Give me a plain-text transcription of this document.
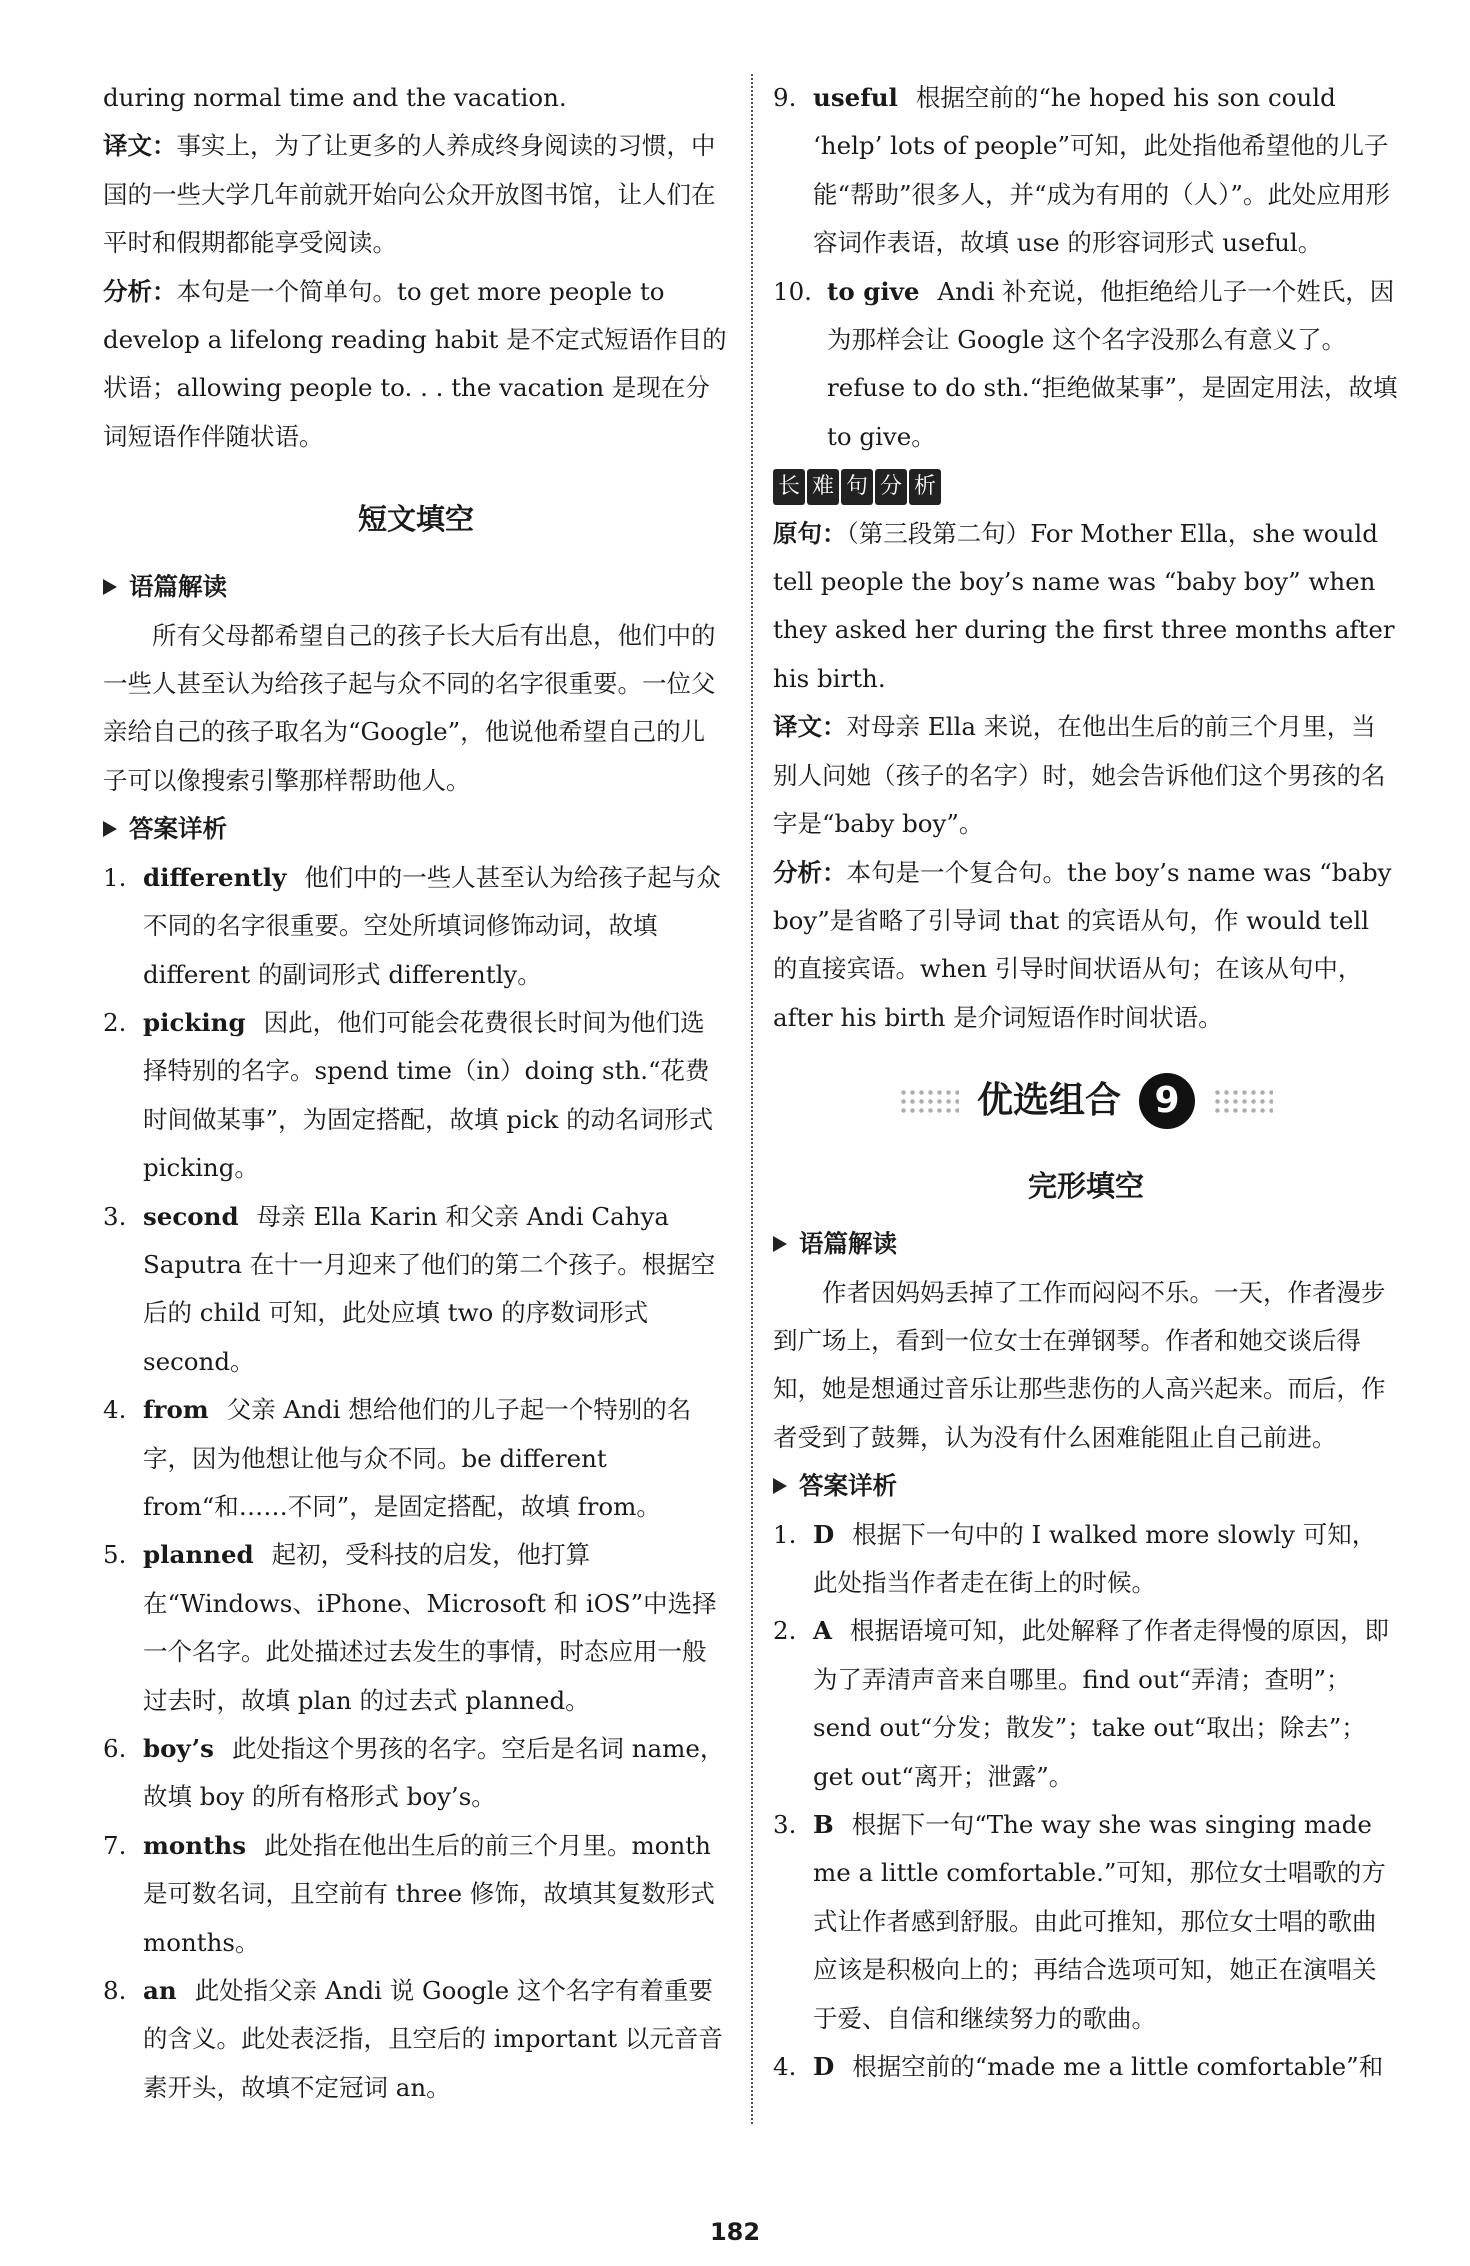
during normal time and the vacation.

译文：事实上，为了让更多的人养成终身阅读的习惯，中国的一些大学几年前就开始向公众开放图书馆，让人们在平时和假期都能享受阅读。

分析：本句是一个简单句。to get more people to develop a lifelong reading habit 是不定式短语作目的状语；allowing people to. . . the vacation 是现在分词短语作伴随状语。

短文填空
语篇解读

所有父母都希望自己的孩子长大后有出息，他们中的一些人甚至认为给孩子起与众不同的名字很重要。一位父亲给自己的孩子取名为“Google”，他说他希望自己的儿子可以像搜索引擎那样帮助他人。

答案详析
1. differently 他们中的一些人甚至认为给孩子起与众不同的名字很重要。空处所填词修饰动词，故填 different 的副词形式 differently。
2. picking 因此，他们可能会花费很长时间为他们选择特别的名字。spend time（in）doing sth.“花费时间做某事”，为固定搭配，故填 pick 的动名词形式 picking。
3. second 母亲 Ella Karin 和父亲 Andi Cahya Saputra 在十一月迎来了他们的第二个孩子。根据空后的 child 可知，此处应填 two 的序数词形式 second。
4. from 父亲 Andi 想给他们的儿子起一个特别的名字，因为他想让他与众不同。be different from“和……不同”，是固定搭配，故填 from。
5. planned 起初，受科技的启发，他打算在“Windows、iPhone、Microsoft 和 iOS”中选择一个名字。此处描述过去发生的事情，时态应用一般过去时，故填 plan 的过去式 planned。
6. boy’s 此处指这个男孩的名字。空后是名词 name，故填 boy 的所有格形式 boy’s。
7. months 此处指在他出生后的前三个月里。month 是可数名词，且空前有 three 修饰，故填其复数形式 months。
8. an 此处指父亲 Andi 说 Google 这个名字有着重要的含义。此处表泛指，且空后的 important 以元音音素开头，故填不定冠词 an。
9. useful 根据空前的“he hoped his son could ‘help’ lots of people”可知，此处指他希望他的儿子能“帮助”很多人，并“成为有用的（人）”。此处应用形容词作表语，故填 use 的形容词形式 useful。
10. to give Andi 补充说，他拒绝给儿子一个姓氏，因为那样会让 Google 这个名字没那么有意义了。refuse to do sth.“拒绝做某事”，是固定用法，故填 to give。
长 难 句 分 析

原句：（第三段第二句）For Mother Ella，she would tell people the boy’s name was “baby boy” when they asked her during the first three months after his birth.

译文：对母亲 Ella 来说，在他出生后的前三个月里，当别人问她（孩子的名字）时，她会告诉他们这个男孩的名字是“baby boy”。

分析：本句是一个复合句。the boy’s name was “baby boy”是省略了引导词 that 的宾语从句，作 would tell 的直接宾语。when 引导时间状语从句；在该从句中，after his birth 是介词短语作时间状语。

优选组合 9
完形填空
语篇解读

作者因妈妈丢掉了工作而闷闷不乐。一天，作者漫步到广场上，看到一位女士在弹钢琴。作者和她交谈后得知，她是想通过音乐让那些悲伤的人高兴起来。而后，作者受到了鼓舞，认为没有什么困难能阻止自己前进。

答案详析
1. D 根据下一句中的 I walked more slowly 可知，此处指当作者走在街上的时候。
2. A 根据语境可知，此处解释了作者走得慢的原因，即为了弄清声音来自哪里。find out“弄清；查明”；send out“分发；散发”；take out“取出；除去”；get out“离开；泄露”。
3. B 根据下一句“The way she was singing made me a little comfortable.”可知，那位女士唱歌的方式让作者感到舒服。由此可推知，那位女士唱的歌曲应该是积极向上的；再结合选项可知，她正在演唱关于爱、自信和继续努力的歌曲。
4. D 根据空前的“made me a little comfortable”和
182
